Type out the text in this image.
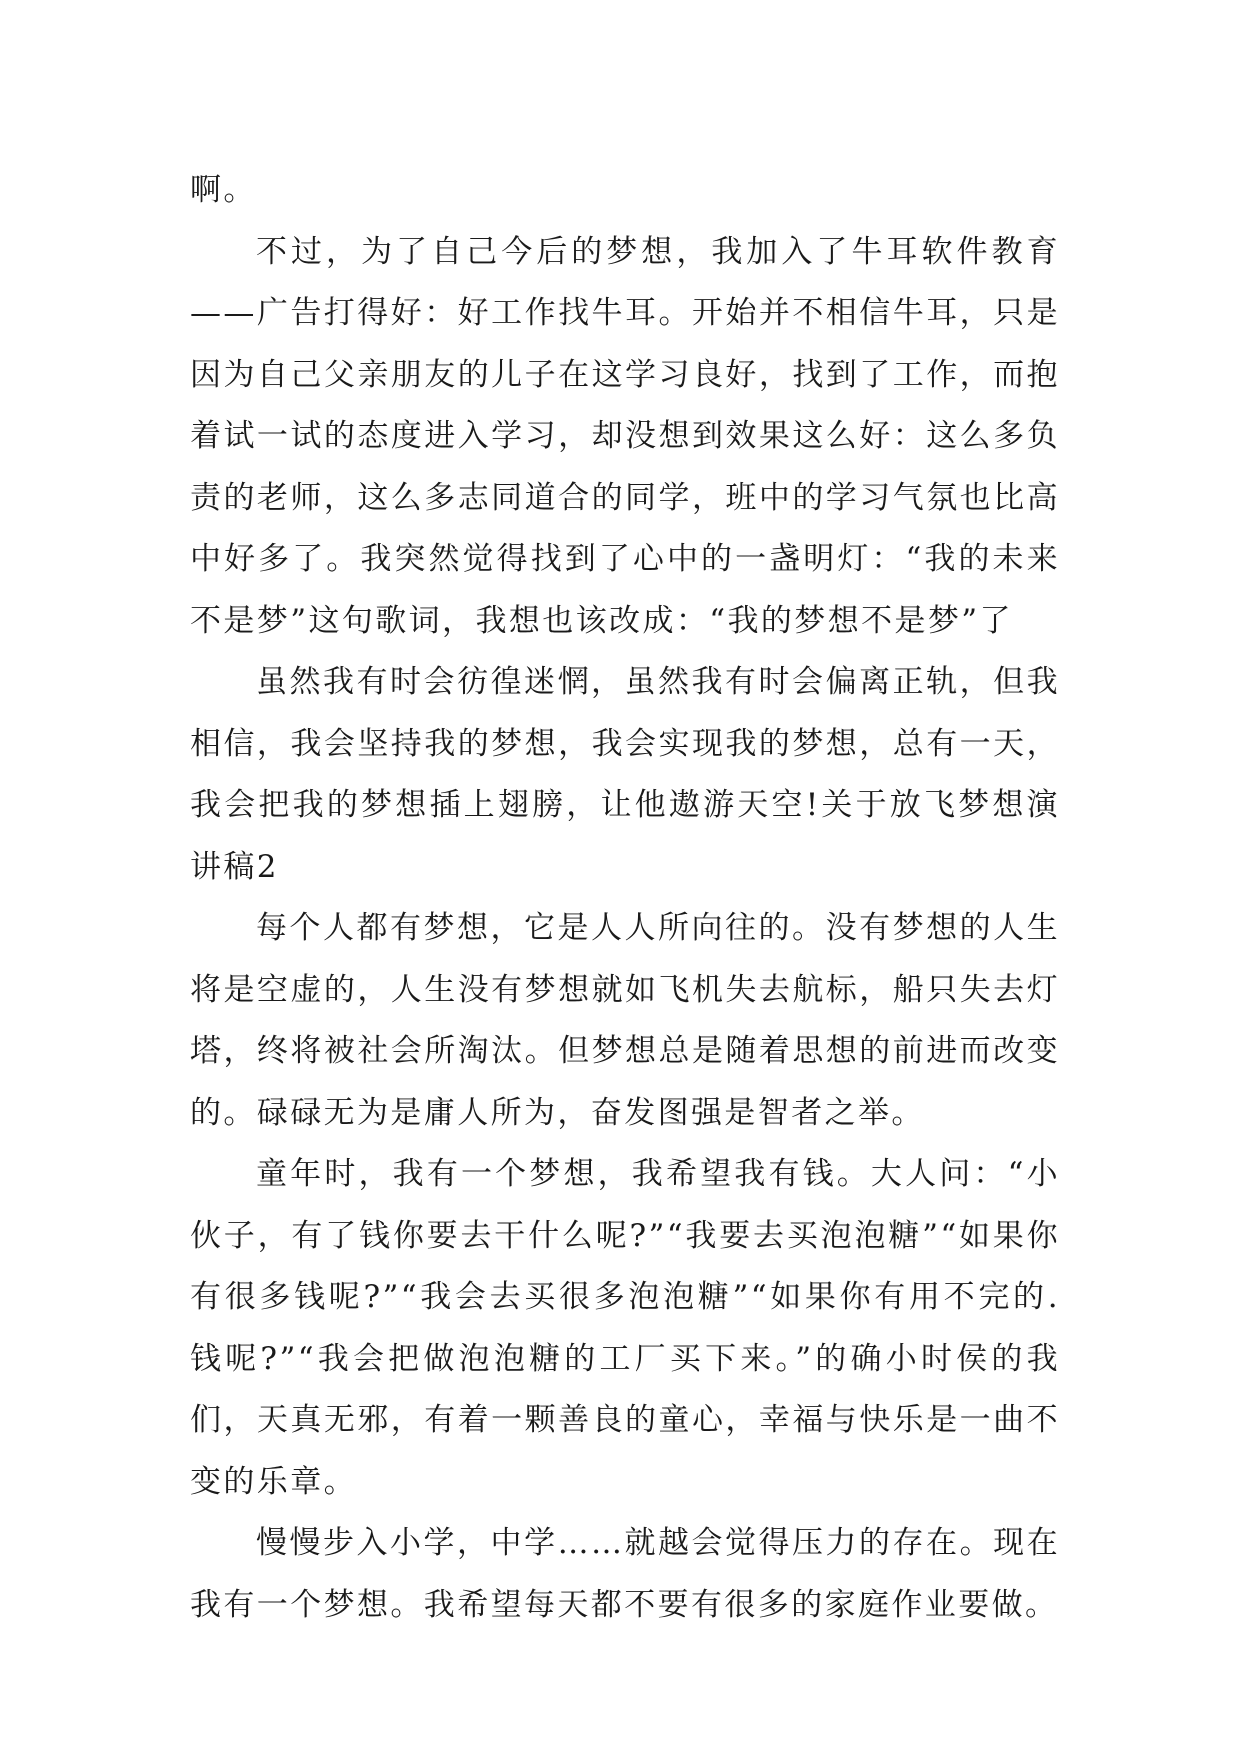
啊。

不过，为了自己今后的梦想，我加入了牛耳软件教育——广告打得好：好工作找牛耳。开始并不相信牛耳，只是因为自己父亲朋友的儿子在这学习良好，找到了工作，而抱着试一试的态度进入学习，却没想到效果这么好：这么多负责的老师，这么多志同道合的同学，班中的学习气氛也比高中好多了。我突然觉得找到了心中的一盏明灯：“我的未来不是梦”这句歌词，我想也该改成：“我的梦想不是梦”了

虽然我有时会彷徨迷惘，虽然我有时会偏离正轨，但我相信，我会坚持我的梦想，我会实现我的梦想，总有一天，我会把我的梦想插上翅膀，让他遨游天空!关于放飞梦想演讲稿2

每个人都有梦想，它是人人所向往的。没有梦想的人生将是空虚的，人生没有梦想就如飞机失去航标，船只失去灯塔，终将被社会所淘汰。但梦想总是随着思想的前进而改变的。碌碌无为是庸人所为，奋发图强是智者之举。

童年时，我有一个梦想，我希望我有钱。大人问：“小伙子，有了钱你要去干什么呢?”“我要去买泡泡糖”“如果你有很多钱呢?”“我会去买很多泡泡糖”“如果你有用不完的.钱呢?”“我会把做泡泡糖的工厂买下来。”的确小时侯的我们，天真无邪，有着一颗善良的童心，幸福与快乐是一曲不变的乐章。

慢慢步入小学，中学……就越会觉得压力的存在。现在我有一个梦想。我希望每天都不要有很多的家庭作业要做。
